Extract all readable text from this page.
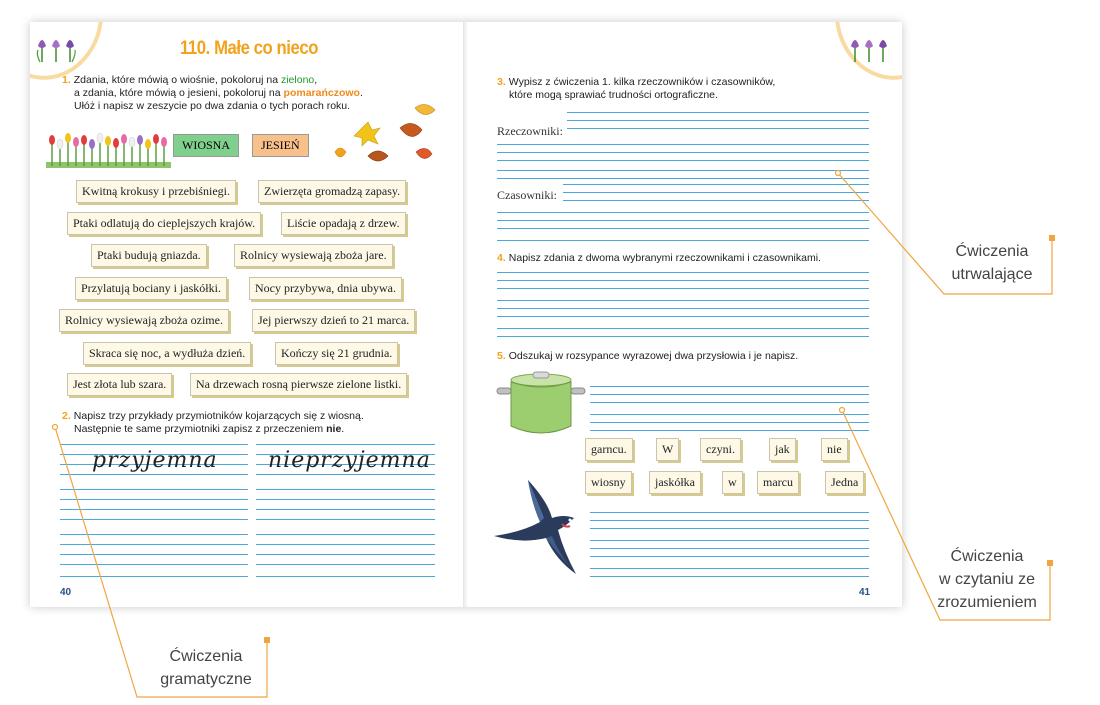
110. Małe co nieco
1. Zdania, które mówią o wiośnie, pokoloruj na zielono,
a zdania, które mówią o jesieni, pokoloruj na pomarańczowo.
Ułóż i napisz w zeszycie po dwa zdania o tych porach roku.
WIOSNA	JESIEŃ
Kwitną krokusy i przebiśniegi.	Zwierzęta gromadzą zapasy.
Ptaki odlatują do cieplejszych krajów.	Liście opadają z drzew.
Ptaki budują gniazda.	Rolnicy wysiewają zboża jare.
Przylatują bociany i jaskółki.	Nocy przybywa, dnia ubywa.
Rolnicy wysiewają zboża ozime.	Jej pierwszy dzień to 21 marca.
Skraca się noc, a wydłuża dzień.	Kończy się 21 grudnia.
Jest złota lub szara.	Na drzewach rosną pierwsze zielone listki.
2. Napisz trzy przykłady przymiotników kojarzących się z wiosną.
Następnie te same przymiotniki zapisz z przeczeniem nie.
przyjemna nieprzyjemna
40
3. Wypisz z ćwiczenia 1. kilka rzeczowników i czasowników,
które mogą sprawiać trudności ortograficzne.
Rzeczowniki:
Czasowniki:
4. Napisz zdania z dwoma wybranymi rzeczownikami i czasownikami.
5. Odszukaj w rozsypance wyrazowej dwa przysłowia i je napisz.
garncu.	W	czyni.	jak	nie
wiosny	jaskółka	w	marcu	Jedna
41
Ćwiczenia
utrwalające
Ćwiczenia
w czytaniu ze
zrozumieniem
Ćwiczenia
gramatyczne
